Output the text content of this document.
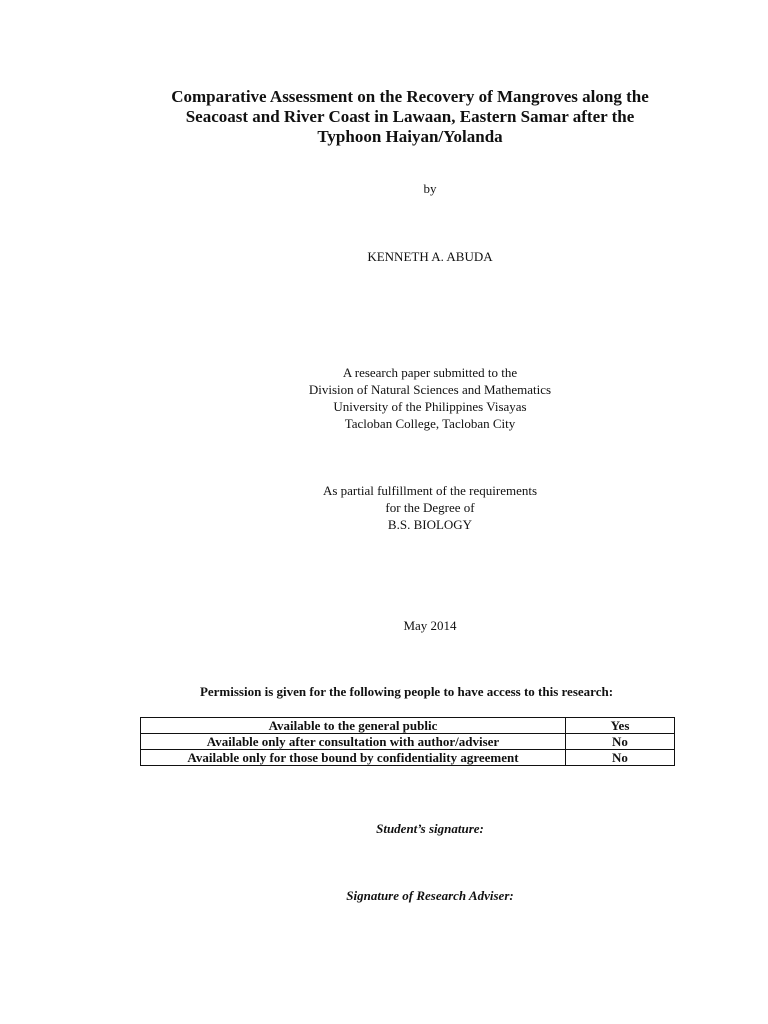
Comparative Assessment on the Recovery of Mangroves along the
Seacoast and River Coast in Lawaan, Eastern Samar after the
Typhoon Haiyan/Yolanda
by
KENNETH A. ABUDA
A research paper submitted to the
Division of Natural Sciences and Mathematics
University of the Philippines Visayas
Tacloban College, Tacloban City
As partial fulfillment of the requirements
for the Degree of
B.S. BIOLOGY
May 2014
Permission is given for the following people to have access to this research:
Available to the general public	Yes
Available only after consultation with author/adviser	No
Available only for those bound by confidentiality agreement	No
Student’s signature:
Signature of Research Adviser:
